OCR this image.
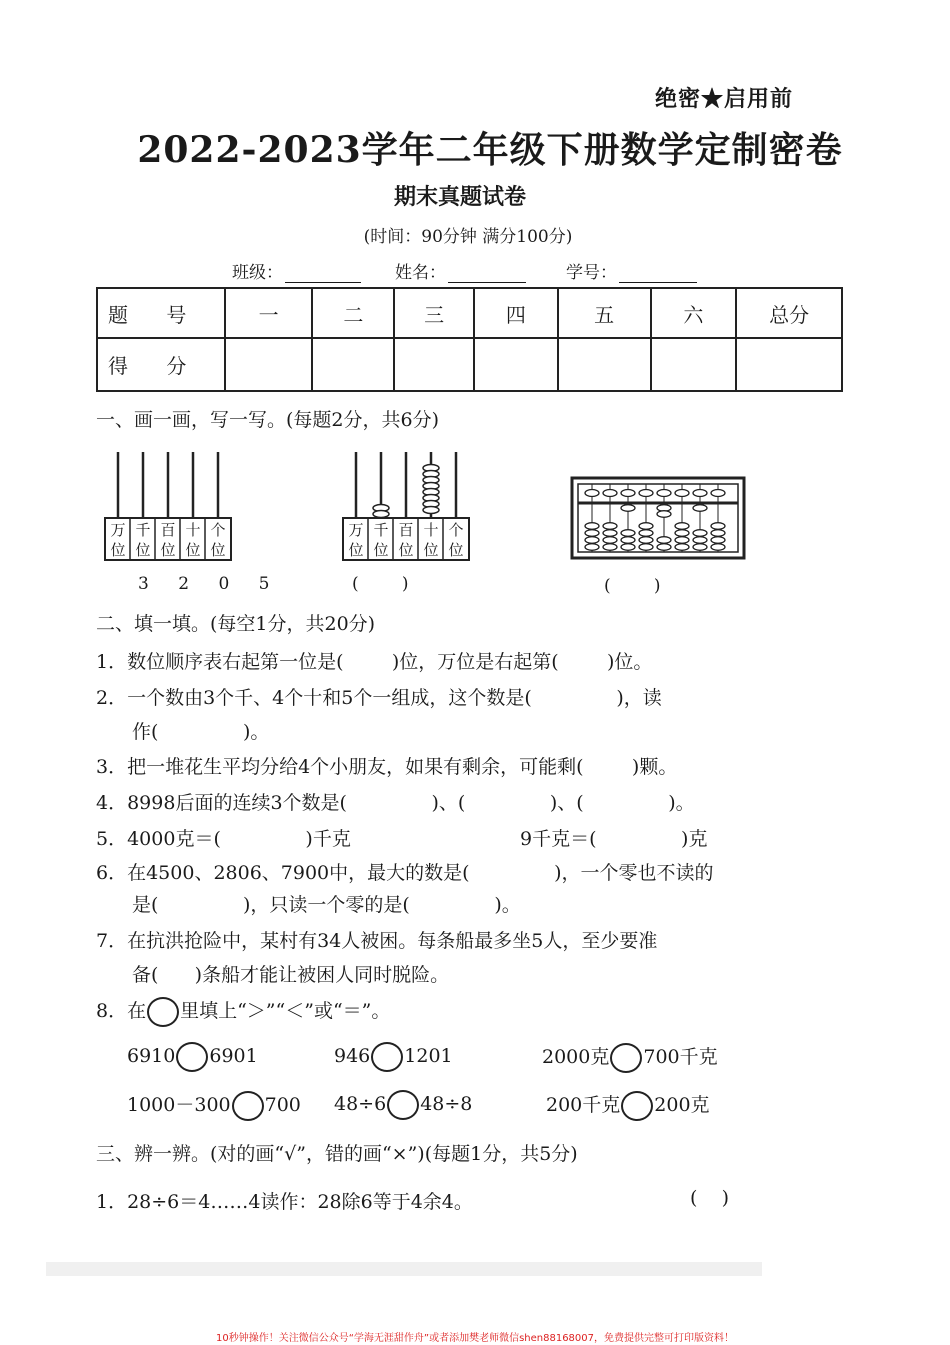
绝密★启用前
2022-2023学年二年级下册数学定制密卷
期末真题试卷
(时间：90分钟 满分100分)
班级：	姓名：	学号：
题 号	一	二	三	四	五	六	总分
得 分							
一、画一画，写一写。(每题2分，共6分)
万位
千位
百位
十位
个位
3 2 0 5
万位
千位
百位
十位
个位
(        )	(        )
二、填一填。(每空1分，共20分)
1．数位顺序表右起第一位是(        )位，万位是右起第(        )位。
2．一个数由3个千、4个十和5个一组成，这个数是(              )，读
作(              )。
3．把一堆花生平均分给4个小朋友，如果有剩余，可能剩(        )颗。
4．8998后面的连续3个数是(              )、(              )、(              )。
5．4000克＝(              )千克	9千克＝(              )克
6．在4500、2806、7900中，最大的数是(              )，一个零也不读的
是(              )，只读一个零的是(              )。
7．在抗洪抢险中，某村有34人被困。每条船最多坐5人，至少要准
备(      )条船才能让被困人同时脱险。
8．在 里填上“＞”“＜”或“＝”。
6910 6901	946 1201	2000克 700千克
1000－300 700 48÷6 48÷8	200千克 200克
三、辨一辨。(对的画“√”，错的画“×”)(每题1分，共5分)
1．28÷6＝4……4读作：28除6等于4余4。	(    )
10秒钟操作！关注微信公众号“学海无涯甜作舟”或者添加樊老师微信shen88168007，免费提供完整可打印版资料！
